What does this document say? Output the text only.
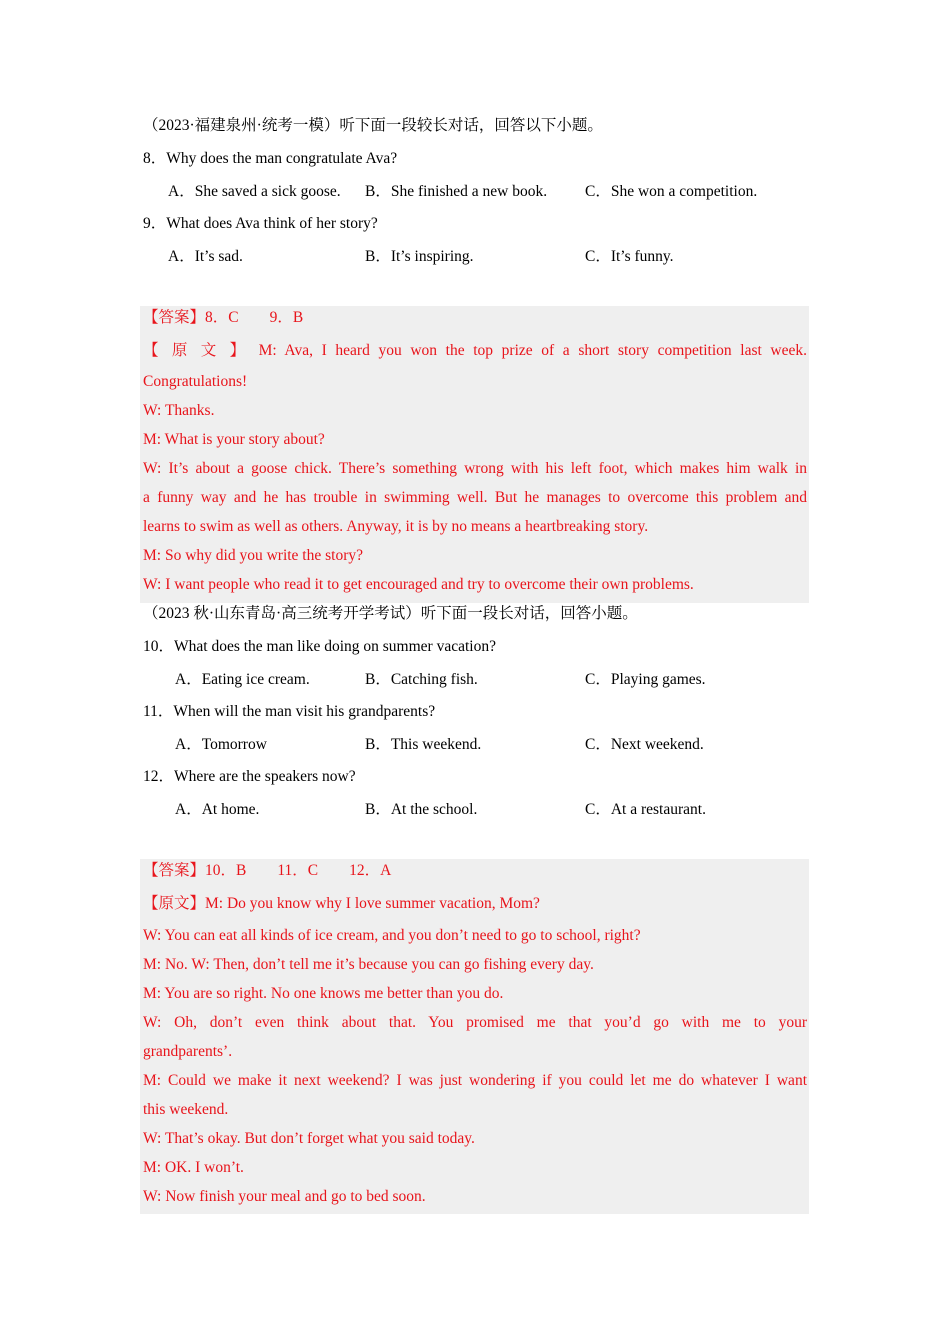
（2023·福建泉州·统考一模）听下面一段较长对话，回答以下小题。
8．Why does the man congratulate Ava?
A．She saved a sick goose. B．She finished a new book. C．She won a competition.
9．What does Ava think of her story?
A．It’s sad.	B．It’s inspiring.	C．It’s funny.
【答案】8．C　　9．B
【 原 文 】 M: Ava, I heard you won the top prize of a short story competition last week.
Congratulations!
W: Thanks.
M: What is your story about?
W: It’s about a goose chick. There’s something wrong with his left foot, which makes him walk in
a funny way and he has trouble in swimming well. But he manages to overcome this problem and
learns to swim as well as others. Anyway, it is by no means a heartbreaking story.
M: So why did you write the story?
W: I want people who read it to get encouraged and try to overcome their own problems.
（2023 秋·山东青岛·高三统考开学考试）听下面一段长对话，回答小题。
10．What does the man like doing on summer vacation?
A．Eating ice cream.	B．Catching fish.	C．Playing games.
11．When will the man visit his grandparents?
A．Tomorrow	B．This weekend.	C．Next weekend.
12．Where are the speakers now?
A．At home.	B．At the school.	C．At a restaurant.
【答案】10．B　　11．C　　12．A
【原文】M: Do you know why I love summer vacation, Mom?
W: You can eat all kinds of ice cream, and you don’t need to go to school, right?
M: No. W: Then, don’t tell me it’s because you can go fishing every day.
M: You are so right. No one knows me better than you do.
W: Oh, don’t even think about that. You promised me that you’d go with me to your
grandparents’.
M: Could we make it next weekend? I was just wondering if you could let me do whatever I want
this weekend.
W: That’s okay. But don’t forget what you said today.
M: OK. I won’t.
W: Now finish your meal and go to bed soon.
